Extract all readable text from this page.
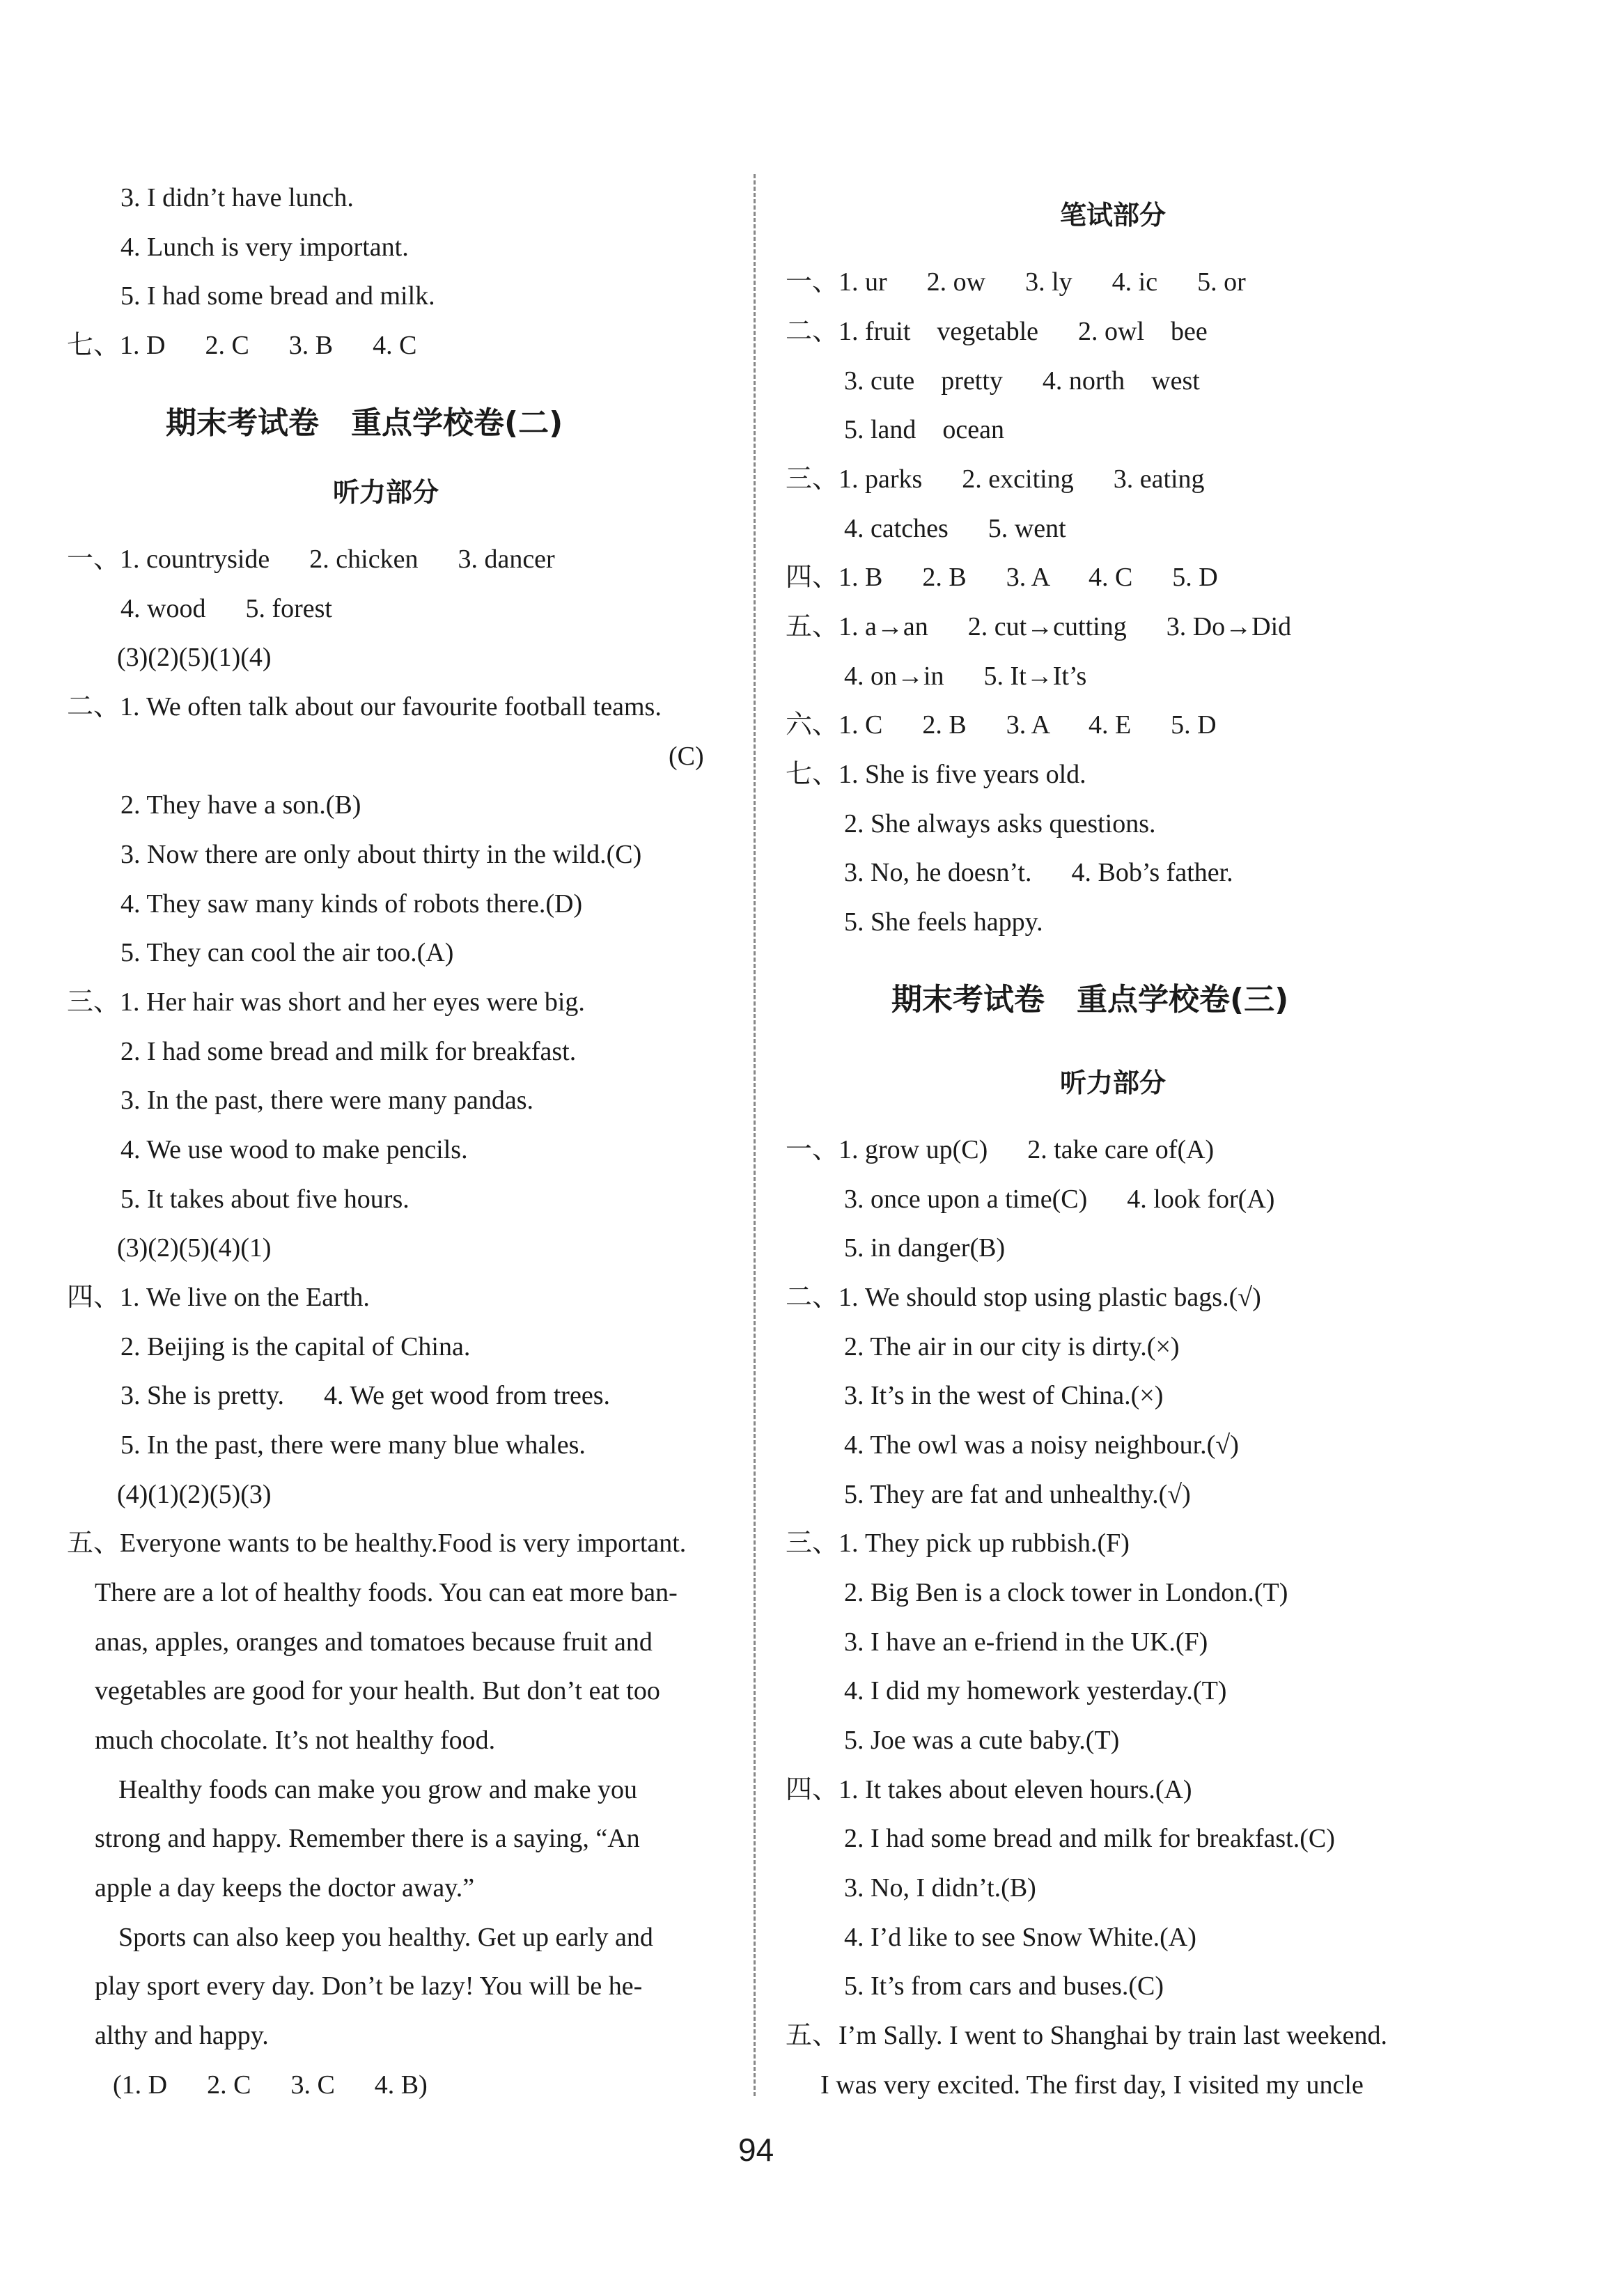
3. I didn’t have lunch.
4. Lunch is very important.
5. I had some bread and milk.
七、1. D      2. C      3. B      4. C
期末考试卷   重点学校卷(二)
听力部分
一、1. countryside      2. chicken      3. dancer
4. wood      5. forest
(3)(2)(5)(1)(4)
二、1. We often talk about our favourite football teams.
(C)
2. They have a son.(B)
3. Now there are only about thirty in the wild.(C)
4. They saw many kinds of robots there.(D)
5. They can cool the air too.(A)
三、1. Her hair was short and her eyes were big.
2. I had some bread and milk for breakfast.
3. In the past, there were many pandas.
4. We use wood to make pencils.
5. It takes about five hours.
(3)(2)(5)(4)(1)
四、1. We live on the Earth.
2. Beijing is the capital of China.
3. She is pretty.      4. We get wood from trees.
5. In the past, there were many blue whales.
(4)(1)(2)(5)(3)
五、Everyone wants to be healthy.Food is very important.
There are a lot of healthy foods. You can eat more ban-
anas, apples, oranges and tomatoes because fruit and
vegetables are good for your health. But don’t eat too
much chocolate. It’s not healthy food.
Healthy foods can make you grow and make you
strong and happy. Remember there is a saying, “An
apple a day keeps the doctor away.”
Sports can also keep you healthy. Get up early and
play sport every day. Don’t be lazy! You will be he-
althy and happy.
(1. D      2. C      3. C      4. B)
笔试部分
一、1. ur      2. ow      3. ly      4. ic      5. or
二、1. fruit    vegetable      2. owl    bee
3. cute    pretty      4. north    west
5. land    ocean
三、1. parks      2. exciting      3. eating
4. catches      5. went
四、1. B      2. B      3. A      4. C      5. D
五、1. a→an      2. cut→cutting      3. Do→Did
4. on→in      5. It→It’s
六、1. C      2. B      3. A      4. E      5. D
七、1. She is five years old.
2. She always asks questions.
3. No, he doesn’t.      4. Bob’s father.
5. She feels happy.
期末考试卷   重点学校卷(三)
听力部分
一、1. grow up(C)      2. take care of(A)
3. once upon a time(C)      4. look for(A)
5. in danger(B)
二、1. We should stop using plastic bags.(√)
2. The air in our city is dirty.(×)
3. It’s in the west of China.(×)
4. The owl was a noisy neighbour.(√)
5. They are fat and unhealthy.(√)
三、1. They pick up rubbish.(F)
2. Big Ben is a clock tower in London.(T)
3. I have an e-friend in the UK.(F)
4. I did my homework yesterday.(T)
5. Joe was a cute baby.(T)
四、1. It takes about eleven hours.(A)
2. I had some bread and milk for breakfast.(C)
3. No, I didn’t.(B)
4. I’d like to see Snow White.(A)
5. It’s from cars and buses.(C)
五、I’m Sally. I went to Shanghai by train last weekend.
I was very excited. The first day, I visited my uncle
94
